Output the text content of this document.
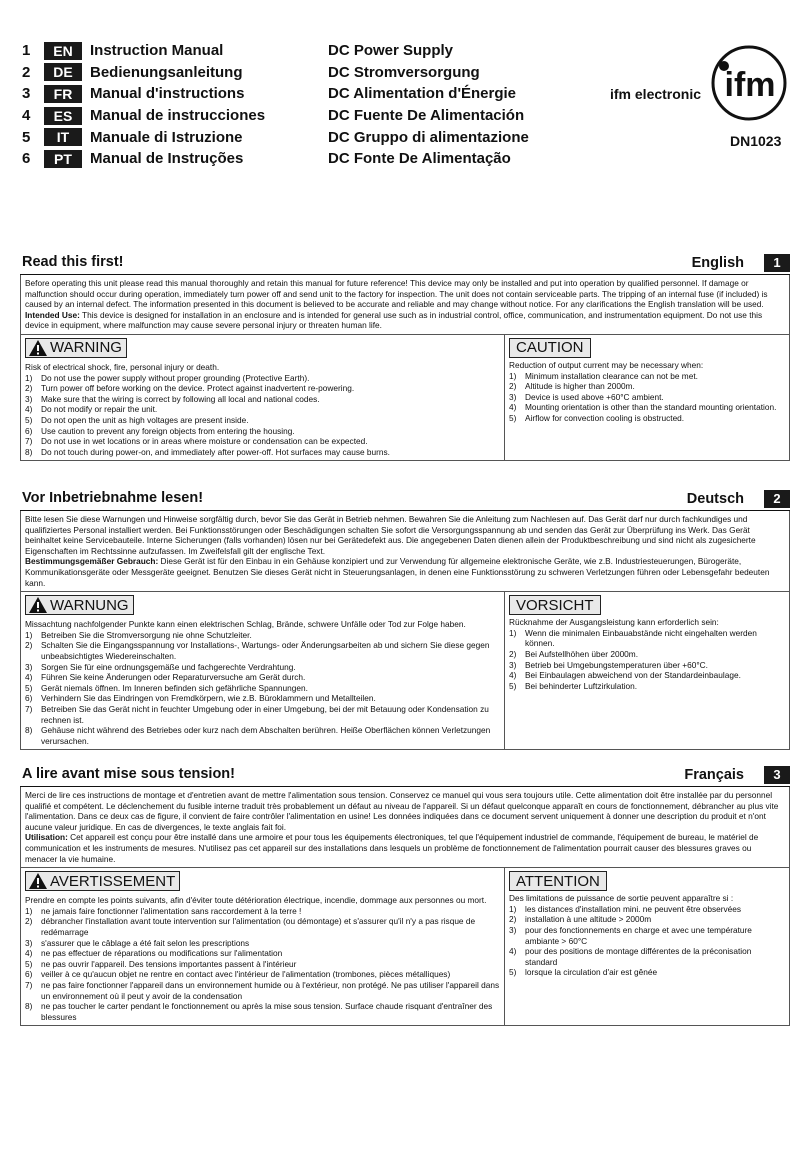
1	EN	Instruction Manual	DC Power Supply
2	DE	Bedienungsanleitung	DC Stromversorgung
3	FR	Manual d'instructions	DC Alimentation d'Énergie
4	ES	Manual de instrucciones	DC Fuente De Alimentación
5	IT	Manuale di Istruzione	DC Gruppo di alimentazione
6	PT	Manual de Instruções	DC Fonte De Alimentação
ifm electronic ifm
DN1023
Read this first!	English	1
Before operating this unit please read this manual thoroughly and retain this manual for future reference! This device may only be installed and put into operation by qualified personnel. If damage or malfunction should occur during operation, immediately turn power off and send unit to the factory for inspection. The unit does not contain serviceable parts. The tripping of an internal fuse (if included) is caused by an internal defect. The information presented in this document is believed to be accurate and reliable and may change without notice. For any clarifications the English translation will be used.
Intended Use: This device is designed for installation in an enclosure and is intended for general use such as in industrial control, office, communication, and instrumentation equipment. Do not use this device in equipment, where malfunction may cause severe personal injury or threaten human life.
WARNING
Risk of electrical shock, fire, personal injury or death.
1)	Do not use the power supply without proper grounding (Protective Earth).
2)	Turn power off before working on the device. Protect against inadvertent re-powering.
3)	Make sure that the wiring is correct by following all local and national codes.
4)	Do not modify or repair the unit.
5)	Do not open the unit as high voltages are present inside.
6)	Use caution to prevent any foreign objects from entering the housing.
7)	Do not use in wet locations or in areas where moisture or condensation can be expected.
8)	Do not touch during power-on, and immediately after power-off. Hot surfaces may cause burns.
CAUTION
Reduction of output current may be necessary when:
1)	Minimum installation clearance can not be met.
2)	Altitude is higher than 2000m.
3)	Device is used above +60°C ambient.
4)	Mounting orientation is other than the standard mounting orientation.
5)	Airflow for convection cooling is obstructed.
Vor Inbetriebnahme lesen!	Deutsch	2
Bitte lesen Sie diese Warnungen und Hinweise sorgfältig durch, bevor Sie das Gerät in Betrieb nehmen. Bewahren Sie die Anleitung zum Nachlesen auf. Das Gerät darf nur durch fachkundiges und qualifiziertes Personal installiert werden. Bei Funktionsstörungen oder Beschädigungen schalten Sie sofort die Versorgungsspannung ab und senden das Gerät zur Überprüfung ins Werk. Das Gerät beinhaltet keine Servicebauteile. Interne Sicherungen (falls vorhanden) lösen nur bei Gerätedefekt aus. Die angegebenen Daten dienen allein der Produktbeschreibung und sind nicht als zugesicherte Eigenschaften im Rechtssinne aufzufassen. Im Zweifelsfall gilt der englische Text.
Bestimmungsgemäßer Gebrauch: Diese Gerät ist für den Einbau in ein Gehäuse konzipiert und zur Verwendung für allgemeine elektronische Geräte, wie z.B. Industriesteuerungen, Bürogeräte, Kommunikationsgeräte oder Messgeräte geeignet. Benutzen Sie dieses Gerät nicht in Steuerungsanlagen, in denen eine Funktionsstörung zu schweren Verletzungen führen oder Lebensgefahr bedeuten kann.
WARNUNG
Missachtung nachfolgender Punkte kann einen elektrischen Schlag, Brände, schwere Unfälle oder Tod zur Folge haben.
1)	Betreiben Sie die Stromversorgung nie ohne Schutzleiter.
2)	Schalten Sie die Eingangsspannung vor Installations-, Wartungs- oder Änderungsarbeiten ab und sichern Sie diese gegen unbeabsichtigtes Wiedereinschalten.
3)	Sorgen Sie für eine ordnungsgemäße und fachgerechte Verdrahtung.
4)	Führen Sie keine Änderungen oder Reparaturversuche am Gerät durch.
5)	Gerät niemals öffnen. Im Inneren befinden sich gefährliche Spannungen.
6)	Verhindern Sie das Eindringen von Fremdkörpern, wie z.B. Büroklammern und Metallteilen.
7)	Betreiben Sie das Gerät nicht in feuchter Umgebung oder in einer Umgebung, bei der mit Betauung oder Kondensation zu rechnen ist.
8)	Gehäuse nicht während des Betriebes oder kurz nach dem Abschalten berühren. Heiße Oberflächen können Verletzungen verursachen.
VORSICHT
Rücknahme der Ausgangsleistung kann erforderlich sein:
1)	Wenn die minimalen Einbauabstände nicht eingehalten werden können.
2)	Bei Aufstellhöhen über 2000m.
3)	Betrieb bei Umgebungstemperaturen über +60°C.
4)	Bei Einbaulagen abweichend von der Standardeinbaulage.
5)	Bei behinderter Luftzirkulation.
A lire avant mise sous tension!	Français	3
Merci de lire ces instructions de montage et d'entretien avant de mettre l'alimentation sous tension. Conservez ce manuel qui vous sera toujours utile. Cette alimentation doit être installée par du personnel qualifié et compétent. Le déclenchement du fusible interne traduit très probablement un défaut au niveau de l'appareil. Si un défaut quelconque apparaît en cours de fonctionnement, débrancher au plus vite l'alimentation. Dans ce deux cas de figure, il convient de faire contrôler l'alimentation en usine! Les données indiquées dans ce document servent uniquement à donner une description du produit et n'ont aucune valeur juridique. En cas de divergences, le texte anglais fait foi.
Utilisation: Cet appareil est conçu pour être installé dans une armoire et pour tous les équipements électroniques, tel que l'équipement industriel de commande, l'équipement de bureau, le matériel de communication et les instruments de mesures. N'utilisez pas cet appareil sur des installations dans lesquels un problème de fonctionnement de l'alimentation pourrait causer des blessures graves ou menacer la vie humaine.
AVERTISSEMENT
Prendre en compte les points suivants, afin d'éviter toute détérioration électrique, incendie, dommage aux personnes ou mort.
1)	ne jamais faire fonctionner l'alimentation sans raccordement à la terre !
2)	débrancher l'installation avant toute intervention sur l'alimentation (ou démontage) et s'assurer qu'il n'y a pas risque de redémarrage
3)	s'assurer que le câblage a été fait selon les prescriptions
4)	ne pas effectuer de réparations ou modifications sur l'alimentation
5)	ne pas ouvrir l'appareil. Des tensions importantes passent à l'intérieur
6)	veiller à ce qu'aucun objet ne rentre en contact avec l'intérieur de l'alimentation (trombones, pièces métalliques)
7)	ne pas faire fonctionner l'appareil dans un environnement humide ou à l'extérieur, non protégé. Ne pas utiliser l'appareil dans un environnement où il peut y avoir de la condensation
8)	ne pas toucher le carter pendant le fonctionnement ou après la mise sous tension. Surface chaude risquant d'entraîner des blessures
ATTENTION
Des limitations de puissance de sortie peuvent apparaître si :
1)	les distances d'installation mini. ne peuvent être observées
2)	installation à une altitude > 2000m
3)	pour des fonctionnements en charge et avec une température ambiante > 60°C
4)	pour des positions de montage différentes de la préconisation standard
5)	lorsque la circulation d'air est gênée
